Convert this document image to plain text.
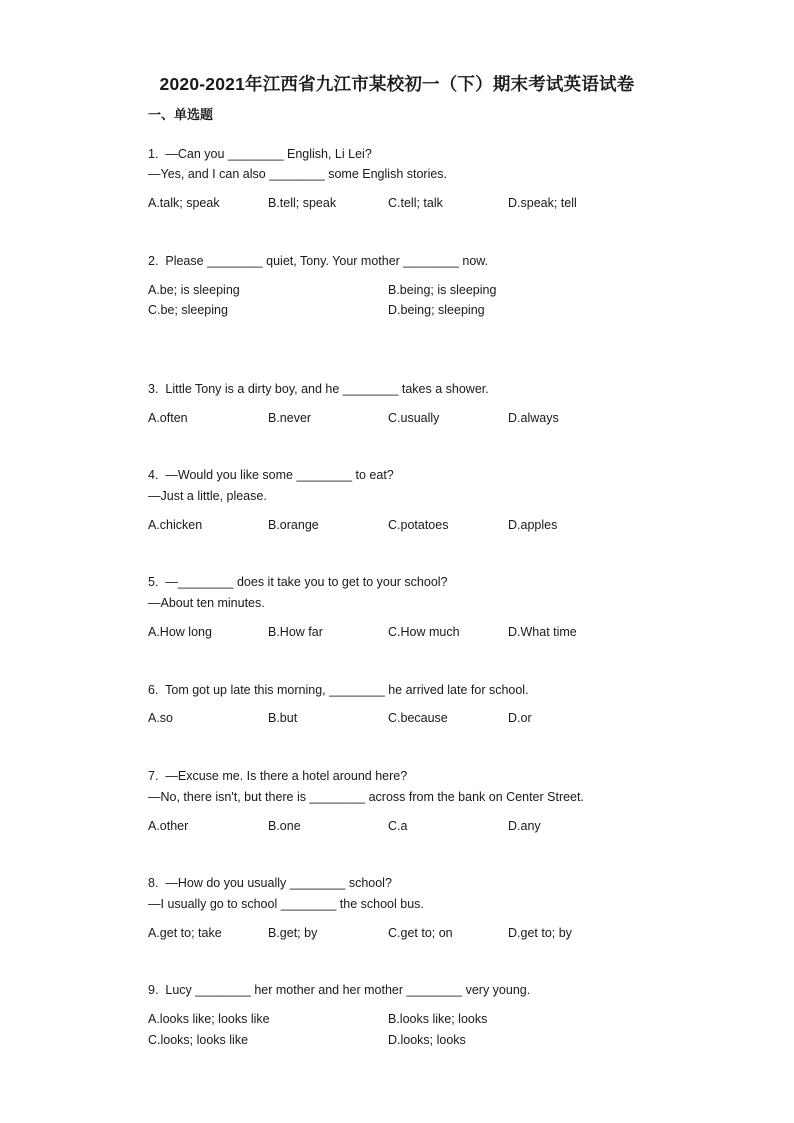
2020-2021年江西省九江市某校初一（下）期末考试英语试卷
一、单选题
1.  —Can you ________ English, Li Lei?
—Yes, and I can also ________ some English stories.
A.talk; speak	B.tell; speak	C.tell; talk	D.speak; tell
2.  Please ________ quiet, Tony. Your mother ________ now.
A.be; is sleeping	B.being; is sleeping
C.be; sleeping	D.being; sleeping
3.  Little Tony is a dirty boy, and he ________ takes a shower.
A.often	B.never	C.usually	D.always
4.  —Would you like some ________ to eat?
—Just a little, please.
A.chicken	B.orange	C.potatoes	D.apples
5.  —________ does it take you to get to your school?
—About ten minutes.
A.How long	B.How far	C.How much	D.What time
6.  Tom got up late this morning, ________ he arrived late for school.
A.so	B.but	C.because	D.or
7.  —Excuse me. Is there a hotel around here?
—No, there isn't, but there is ________ across from the bank on Center Street.
A.other	B.one	C.a	D.any
8.  —How do you usually ________ school?
—I usually go to school ________ the school bus.
A.get to; take	B.get; by	C.get to; on	D.get to; by
9.  Lucy ________ her mother and her mother ________ very young.
A.looks like; looks like	B.looks like; looks
C.looks; looks like	D.looks; looks
